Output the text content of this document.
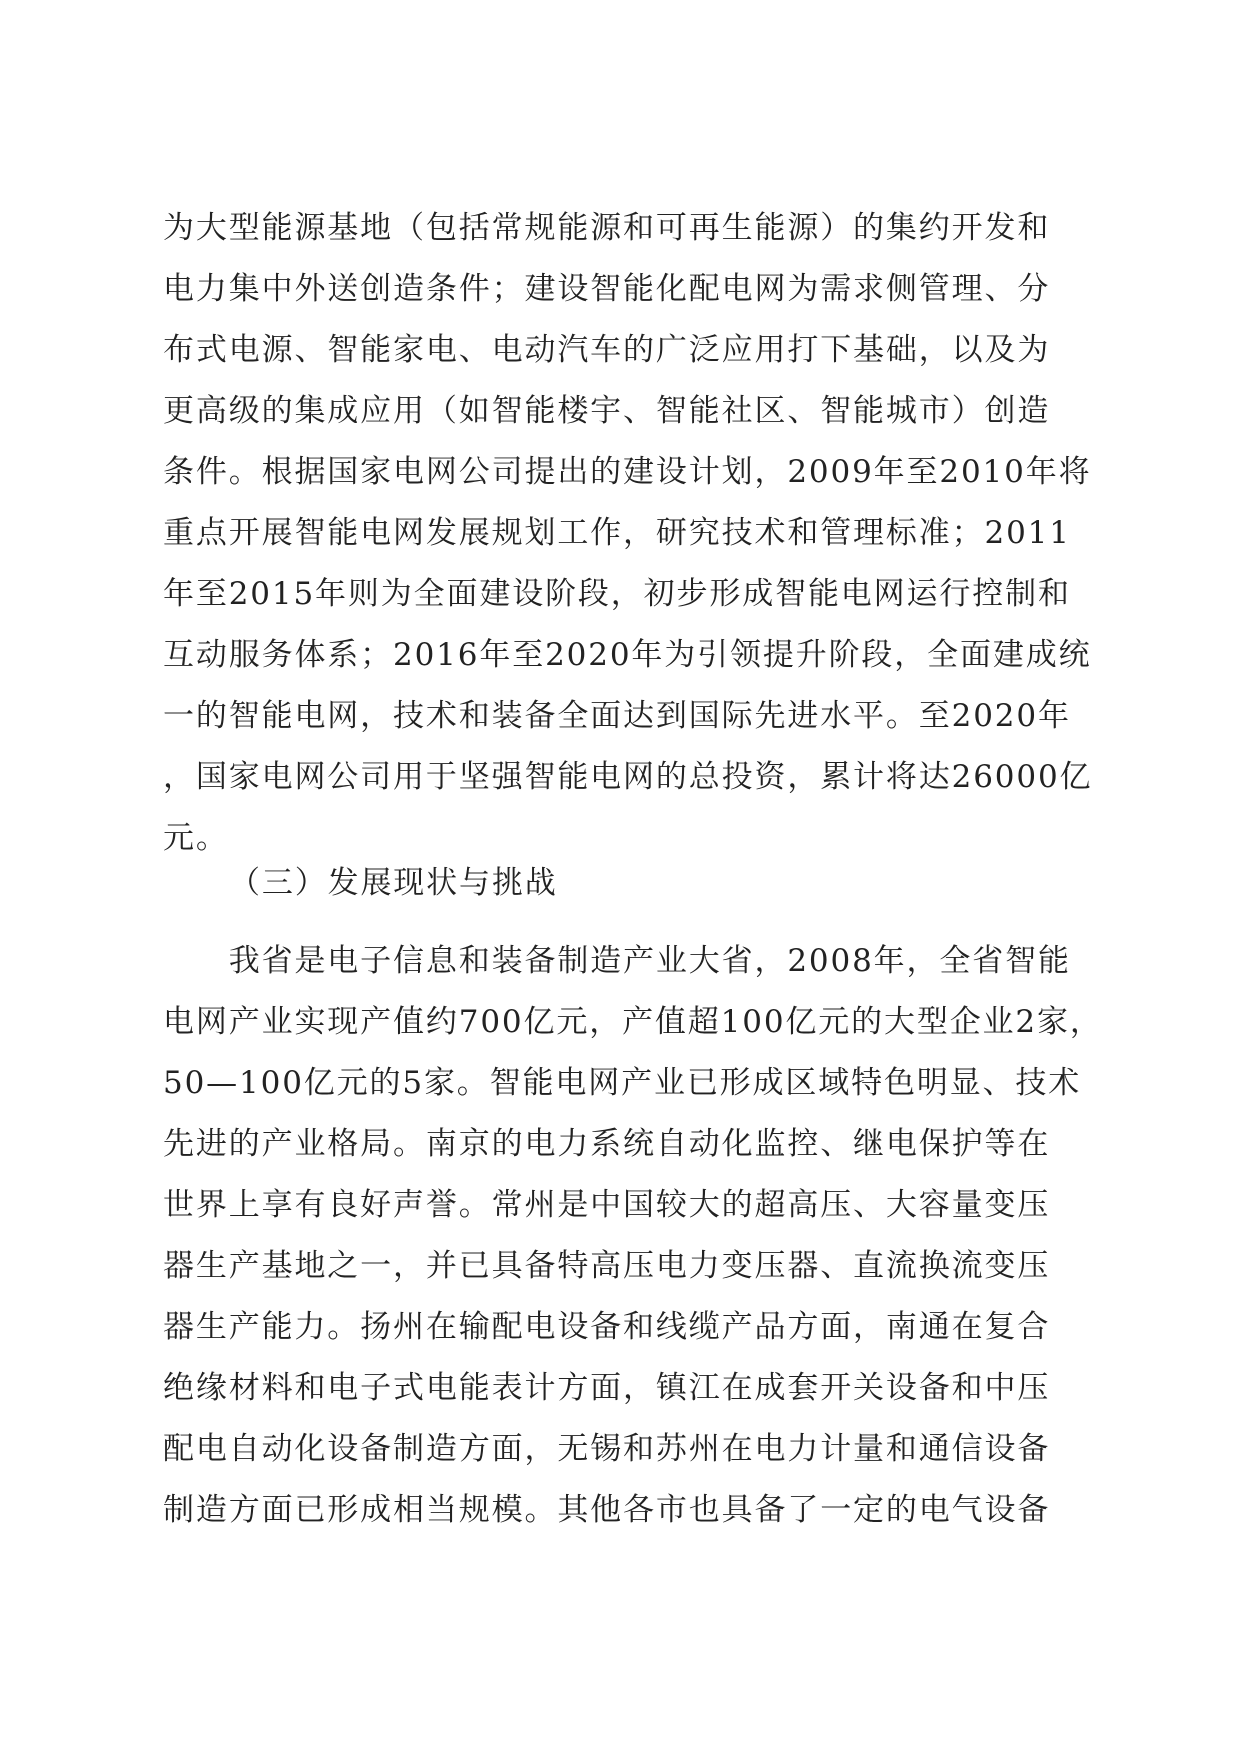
为大型能源基地（包括常规能源和可再生能源）的集约开发和
电力集中外送创造条件；建设智能化配电网为需求侧管理、分
布式电源、智能家电、电动汽车的广泛应用打下基础，以及为
更高级的集成应用（如智能楼宇、智能社区、智能城市）创造
条件。根据国家电网公司提出的建设计划，2009年至2010年将
重点开展智能电网发展规划工作，研究技术和管理标准；2011
年至2015年则为全面建设阶段，初步形成智能电网运行控制和
互动服务体系；2016年至2020年为引领提升阶段，全面建成统
一的智能电网，技术和装备全面达到国际先进水平。至2020年
，国家电网公司用于坚强智能电网的总投资，累计将达26000亿
元。
（三）发展现状与挑战
　　我省是电子信息和装备制造产业大省，2008年，全省智能
电网产业实现产值约700亿元，产值超100亿元的大型企业2家，
50—100亿元的5家。智能电网产业已形成区域特色明显、技术
先进的产业格局。南京的电力系统自动化监控、继电保护等在
世界上享有良好声誉。常州是中国较大的超高压、大容量变压
器生产基地之一，并已具备特高压电力变压器、直流换流变压
器生产能力。扬州在输配电设备和线缆产品方面，南通在复合
绝缘材料和电子式电能表计方面，镇江在成套开关设备和中压
配电自动化设备制造方面，无锡和苏州在电力计量和通信设备
制造方面已形成相当规模。其他各市也具备了一定的电气设备
